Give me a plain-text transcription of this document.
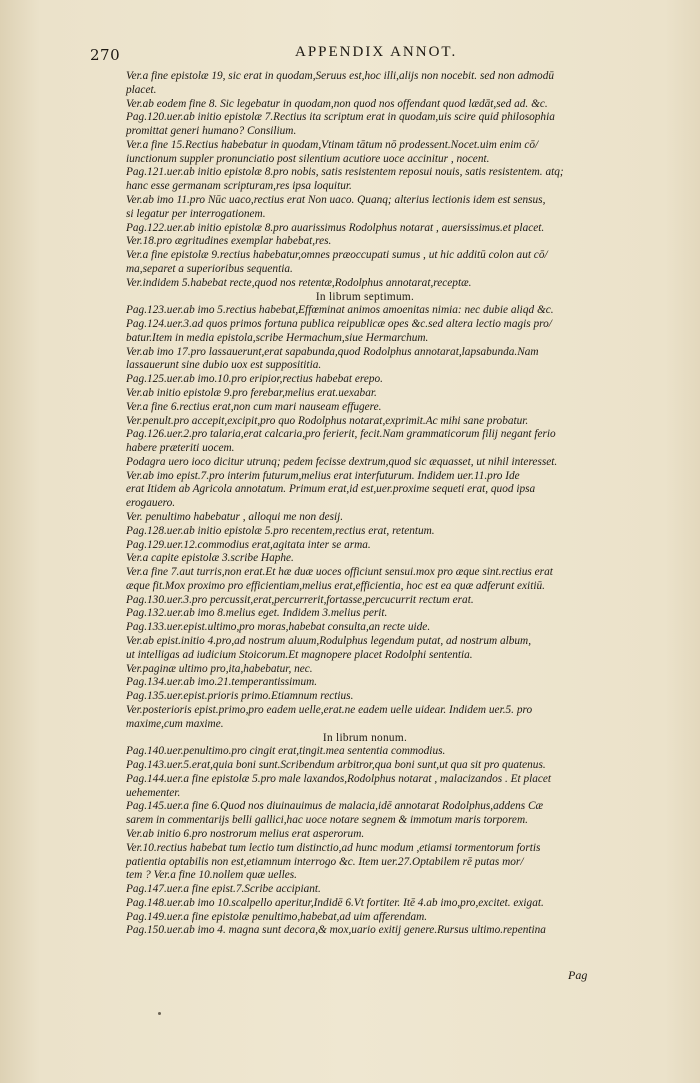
270	APPENDIX ANNOT.
Ver.a fine epistolæ 19, sic erat in quodam,Seruus est,hoc illi,alijs non nocebit. sed non admodū
placet.
Ver.ab eodem fine 8. Sic legebatur in quodam,non quod nos offendant quod lædāt,sed ad. &c.
Pag.120.uer.ab initio epistolæ 7.Rectius ita scriptum erat in quodam,uis scire quid philosophia
promittat generi humano? Consilium.
Ver.a fine 15.Rectius habebatur in quodam,Vtinam tātum nō prodessent.Nocet.uim enim cō/
iunctionum suppler pronunciatio post silentium acutiore uoce accinitur , nocent.
Pag.121.uer.ab initio epistolæ 8.pro nobis, satis resistentem reposui nouis, satis resistentem. atq;
hanc esse germanam scripturam,res ipsa loquitur.
Ver.ab imo 11.pro Nūc uaco,rectius erat Non uaco. Quanq; alterius lectionis idem est sensus,
si legatur per interrogationem.
Pag.122.uer.ab initio epistolæ 8.pro auarissimus Rodolphus notarat , auersissimus.et placet.
Ver.18.pro ægritudines exemplar habebat,res.
Ver.a fine epistolæ 9.rectius habebatur,omnes præoccupati sumus , ut hic additū colon aut cō/
ma,separet a superioribus sequentia.
Ver.indidem 5.habebat recte,quod nos retentæ,Rodolphus annotarat,receptæ.
In librum septimum.
Pag.123.uer.ab imo 5.rectius habebat,Effœminat animos amoenitas nimia: nec dubie aliqd &c.
Pag.124.uer.3.ad quos primos fortuna publica reipublicæ opes &c.sed altera lectio magis pro/
batur.Item in media epistola,scribe Hermachum,siue Hermarchum.
Ver.ab imo 17.pro lassauerunt,erat sapabunda,quod Rodolphus annotarat,lapsabunda.Nam
lassauerunt sine dubio uox est supposititia.
Pag.125.uer.ab imo.10.pro eripior,rectius habebat erepo.
Ver.ab initio epistolæ 9.pro ferebar,melius erat.uexabar.
Ver.a fine 6.rectius erat,non cum mari nauseam effugere.
Ver.penult.pro accepit,excipit,pro quo Rodolphus notarat,exprimit.Ac mihi sane probatur.
Pag.126.uer.2.pro talaria,erat calcaria,pro ferierit, fecit.Nam grammaticorum filij negant ferio
habere præteriti uocem.
Podagra uero ioco dicitur utrunq; pedem fecisse dextrum,quod sic æquasset, ut nihil interesset.
Ver.ab imo epist.7.pro interim futurum,melius erat interfuturum. Indidem uer.11.pro Ide
erat Itidem ab Agricola annotatum. Primum erat,id est,uer.proxime sequeti erat, quod ipsa
erogauero.
Ver. penultimo habebatur , alloqui me non desij.
Pag.128.uer.ab initio epistolæ 5.pro recentem,rectius erat, retentum.
Pag.129.uer.12.commodius erat,agitata inter se arma.
Ver.a capite epistolæ 3.scribe Haphe.
Ver.a fine 7.aut turris,non erat.Et hæ duæ uoces officiunt sensui.mox pro æque sint.rectius erat
æque fit.Mox proximo pro efficientiam,melius erat,efficientia, hoc est ea quæ adferunt exitiū.
Pag.130.uer.3.pro percussit,erat,percurrerit,fortasse,percucurrit rectum erat.
Pag.132.uer.ab imo 8.melius eget. Indidem 3.melius perit.
Pag.133.uer.epist.ultimo,pro moras,habebat consulta,an recte uide.
Ver.ab epist.initio 4.pro,ad nostrum aluum,Rodulphus legendum putat, ad nostrum album,
ut intelligas ad iudicium Stoicorum.Et magnopere placet Rodolphi sententia.
Ver.paginæ ultimo pro,ita,habebatur, nec.
Pag.134.uer.ab imo.21.temperantissimum.
Pag.135.uer.epist.prioris primo.Etiamnum rectius.
Ver.posterioris epist.primo,pro eadem uelle,erat.ne eadem uelle uidear. Indidem uer.5. pro
maxime,cum maxime.
In librum nonum.
Pag.140.uer.penultimo.pro cingit erat,tingit.mea sententia commodius.
Pag.143.uer.5.erat,quia boni sunt.Scribendum arbitror,qua boni sunt,ut qua sit pro quatenus.
Pag.144.uer.a fine epistolæ 5.pro male laxandos,Rodolphus notarat , malacizandos . Et placet
uehementer.
Pag.145.uer.a fine 6.Quod nos diuinauimus de malacia,idē annotarat Rodolphus,addens Cæ
sarem in commentarijs belli gallici,hac uoce notare segnem & immotum maris torporem.
Ver.ab initio 6.pro nostrorum melius erat asperorum.
Ver.10.rectius habebat tum lectio tum distinctio,ad hunc modum ,etiamsi tormentorum fortis
patientia optabilis non est,etiamnum interrogo &c. Item uer.27.Optabilem rē putas mor/
tem ? Ver.a fine 10.nollem quæ uelles.
Pag.147.uer.a fine epist.7.Scribe accipiant.
Pag.148.uer.ab imo 10.scalpello aperitur,Indidē 6.Vt fortiter. Itē 4.ab imo,pro,excitet. exigat.
Pag.149.uer.a fine epistolæ penultimo,habebat,ad uim afferendam.
Pag.150.uer.ab imo 4. magna sunt decora,& mox,uario exitij genere.Rursus ultimo.repentina
Pag
